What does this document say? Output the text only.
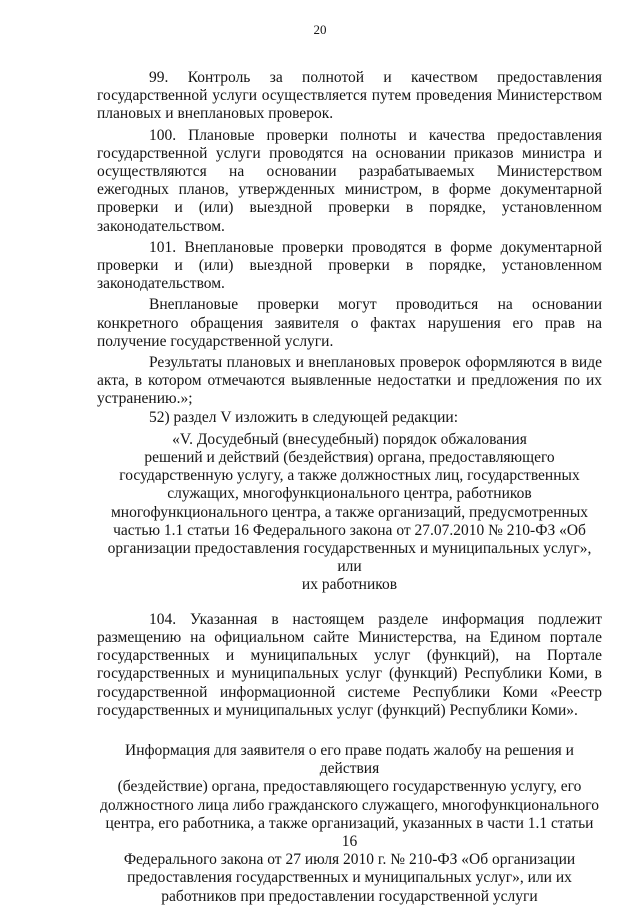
20

99. Контроль за полнотой и качеством предоставления государственной услуги осуществляется путем проведения Министерством плановых и внеплановых проверок.

100. Плановые проверки полноты и качества предоставления государственной услуги проводятся на основании приказов министра и осуществляются на основании разрабатываемых Министерством ежегодных планов, утвержденных министром, в форме документарной проверки и (или) выездной проверки в порядке, установленном законодательством.

101. Внеплановые проверки проводятся в форме документарной проверки и (или) выездной проверки в порядке, установленном законодательством.

Внеплановые проверки могут проводиться на основании конкретного обращения заявителя о фактах нарушения его прав на получение государственной услуги.

Результаты плановых и внеплановых проверок оформляются в виде акта, в котором отмечаются выявленные недостатки и предложения по их устранению.»;

52) раздел V изложить в следующей редакции:

«V. Досудебный (внесудебный) порядок обжалования
решений и действий (бездействия) органа, предоставляющего
государственную услугу, а также должностных лиц, государственных
служащих, многофункционального центра, работников
многофункционального центра, а также организаций, предусмотренных
частью 1.1 статьи 16 Федерального закона от 27.07.2010 № 210-ФЗ «Об
организации предоставления государственных и муниципальных услуг», или
их работников

104. Указанная в настоящем разделе информация подлежит размещению на официальном сайте Министерства, на Едином портале государственных и муниципальных услуг (функций), на Портале государственных и муниципальных услуг (функций) Республики Коми, в государственной информационной системе Республики Коми «Реестр государственных и муниципальных услуг (функций) Республики Коми».

Информация для заявителя о его праве подать жалобу на решения и действия
(бездействие) органа, предоставляющего государственную услугу, его
должностного лица либо гражданского служащего, многофункционального
центра, его работника, а также организаций, указанных в части 1.1 статьи 16
Федерального закона от 27 июля 2010 г. № 210-ФЗ «Об организации
предоставления государственных и муниципальных услуг», или их
работников при предоставлении государственной услуги
